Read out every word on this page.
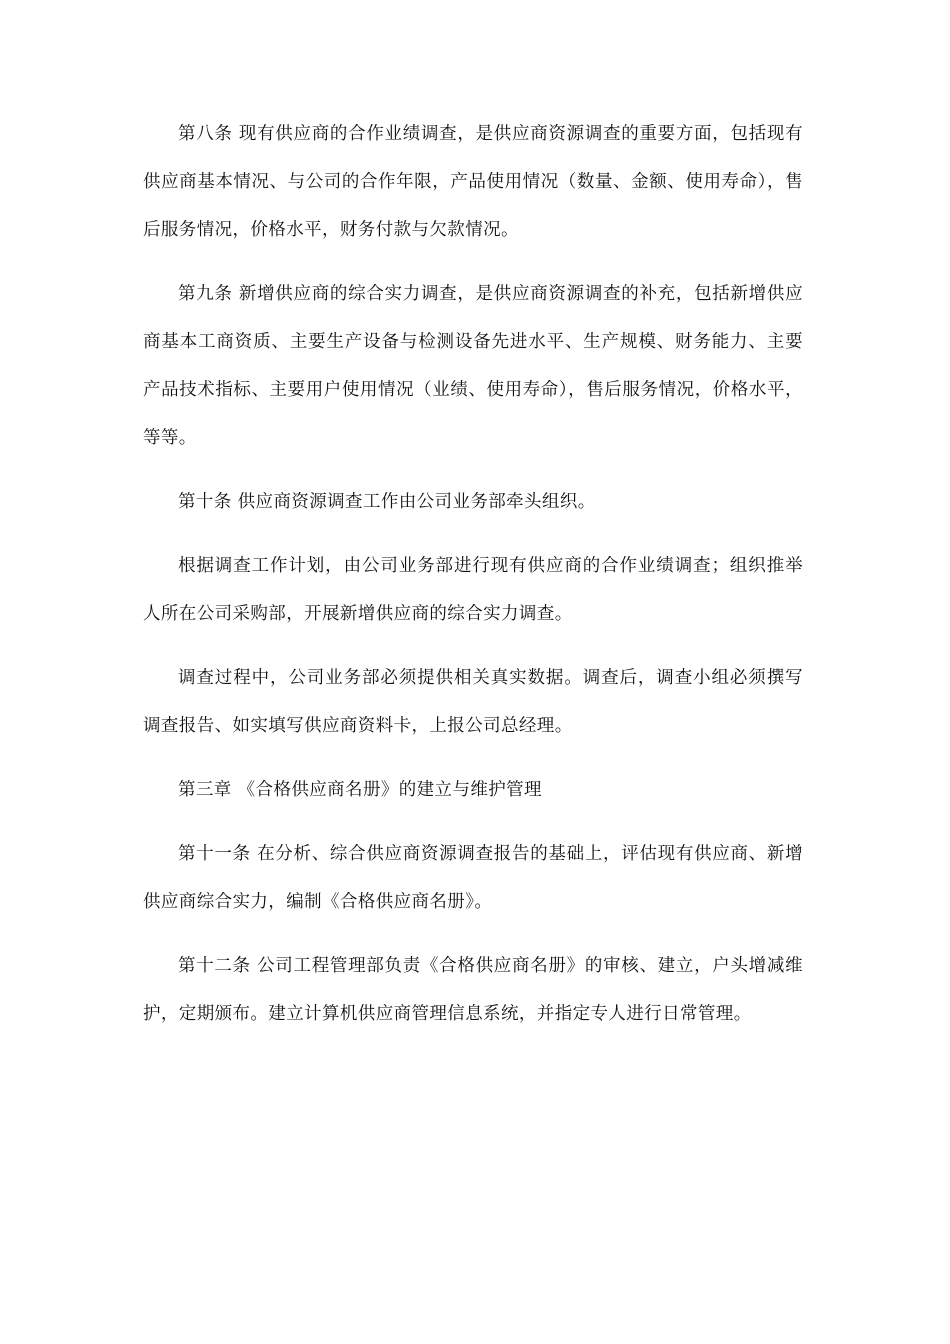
第八条 现有供应商的合作业绩调查，是供应商资源调查的重要方面，包括现有供应商基本情况、与公司的合作年限，产品使用情况（数量、金额、使用寿命），售后服务情况，价格水平，财务付款与欠款情况。

第九条 新增供应商的综合实力调查，是供应商资源调查的补充，包括新增供应商基本工商资质、主要生产设备与检测设备先进水平、生产规模、财务能力、主要产品技术指标、主要用户使用情况（业绩、使用寿命），售后服务情况，价格水平，等等。

第十条 供应商资源调查工作由公司业务部牵头组织。

根据调查工作计划，由公司业务部进行现有供应商的合作业绩调查；组织推举人所在公司采购部，开展新增供应商的综合实力调查。

调查过程中，公司业务部必须提供相关真实数据。调查后，调查小组必须撰写调查报告、如实填写供应商资料卡，上报公司总经理。

第三章 《合格供应商名册》的建立与维护管理

第十一条 在分析、综合供应商资源调查报告的基础上，评估现有供应商、新增供应商综合实力，编制《合格供应商名册》。

第十二条 公司工程管理部负责《合格供应商名册》的审核、建立，户头增减维护，定期颁布。建立计算机供应商管理信息系统，并指定专人进行日常管理。
